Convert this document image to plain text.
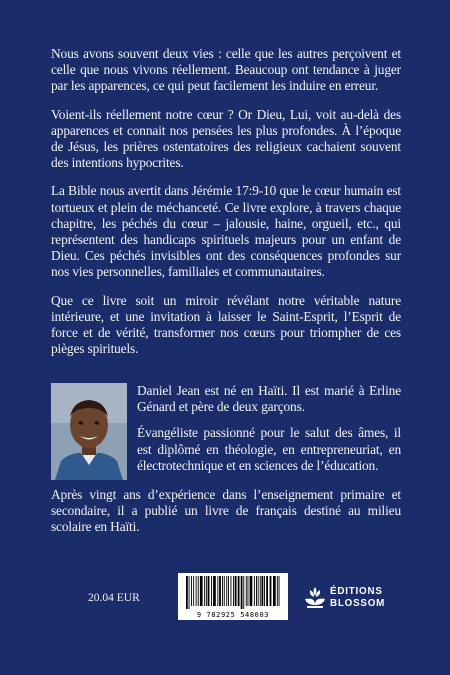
Nous avons souvent deux vies : celle que les autres perçoivent et celle que nous vivons réellement. Beaucoup ont tendance à juger par les apparences, ce qui peut facilement les induire en erreur.

Voient-ils réellement notre cœur ? Or Dieu, Lui, voit au-delà des apparences et connait nos pensées les plus profondes. À l’époque de Jésus, les prières ostentatoires des religieux cachaient souvent des intentions hypocrites.

La Bible nous avertit dans Jérémie 17:9-10 que le cœur humain est tortueux et plein de méchanceté. Ce livre explore, à travers chaque chapitre, les péchés du cœur – jalousie, haine, orgueil, etc., qui représentent des handicaps spirituels majeurs pour un enfant de Dieu. Ces péchés invisibles ont des conséquences profondes sur nos vies personnelles, familiales et communautaires.

Que ce livre soit un miroir révélant notre véritable nature intérieure, et une invitation à laisser le Saint-Esprit, l’Esprit de force et de vérité, transformer nos cœurs pour triompher de ces pièges spirituels.

Daniel Jean est né en Haïti. Il est marié à Erline Génard et père de deux garçons.

Évangéliste passionné pour le salut des âmes, il est diplômé en théologie, en entrepreneuriat, en électrotechnique et en sciences de l’éducation.

Après vingt ans d’expérience dans l’enseignement primaire et secondaire, il a publié un livre de français destiné au milieu scolaire en Haïti.

20.04 EUR
9 782925 548003
ÉDITIONS
BLOSSOM
